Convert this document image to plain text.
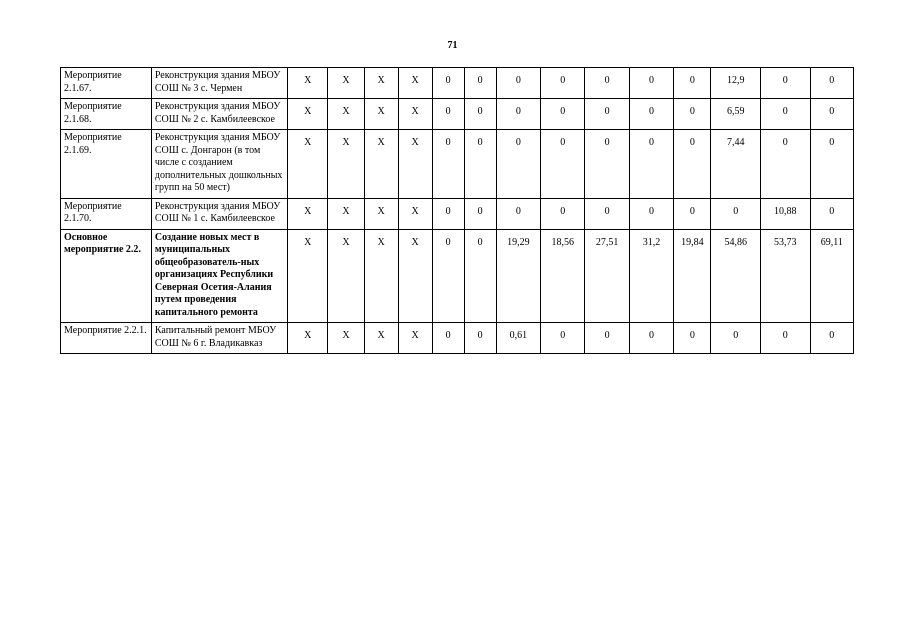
71
Мероприятие 2.1.67.	Реконструкция здания МБОУ СОШ № 3 с. Чермен	X	X	X	X	0	0	0	0	0	0	0	12,9	0	0
Мероприятие 2.1.68.	Реконструкция здания МБОУ СОШ № 2 с. Камбилеевское	X	X	X	X	0	0	0	0	0	0	0	6,59	0	0
Мероприятие 2.1.69.	Реконструкция здания МБОУ СОШ с. Донгарон (в том числе с созданием дополнительных дошкольных групп на 50 мест)	X	X	X	X	0	0	0	0	0	0	0	7,44	0	0
Мероприятие 2.1.70.	Реконструкция здания МБОУ СОШ № 1 с. Камбилеевское	X	X	X	X	0	0	0	0	0	0	0	0	10,88	0
Основное мероприятие 2.2.	Создание новых мест в муниципальных общеобразователь-ных организациях Республики Северная Осетия-Алания путем проведения капитального ремонта	X	X	X	X	0	0	19,29	18,56	27,51	31,2	19,84	54,86	53,73	69,11
Мероприятие 2.2.1.	Капитальный ремонт МБОУ СОШ № 6 г. Владикавказ	X	X	X	X	0	0	0,61	0	0	0	0	0	0	0
